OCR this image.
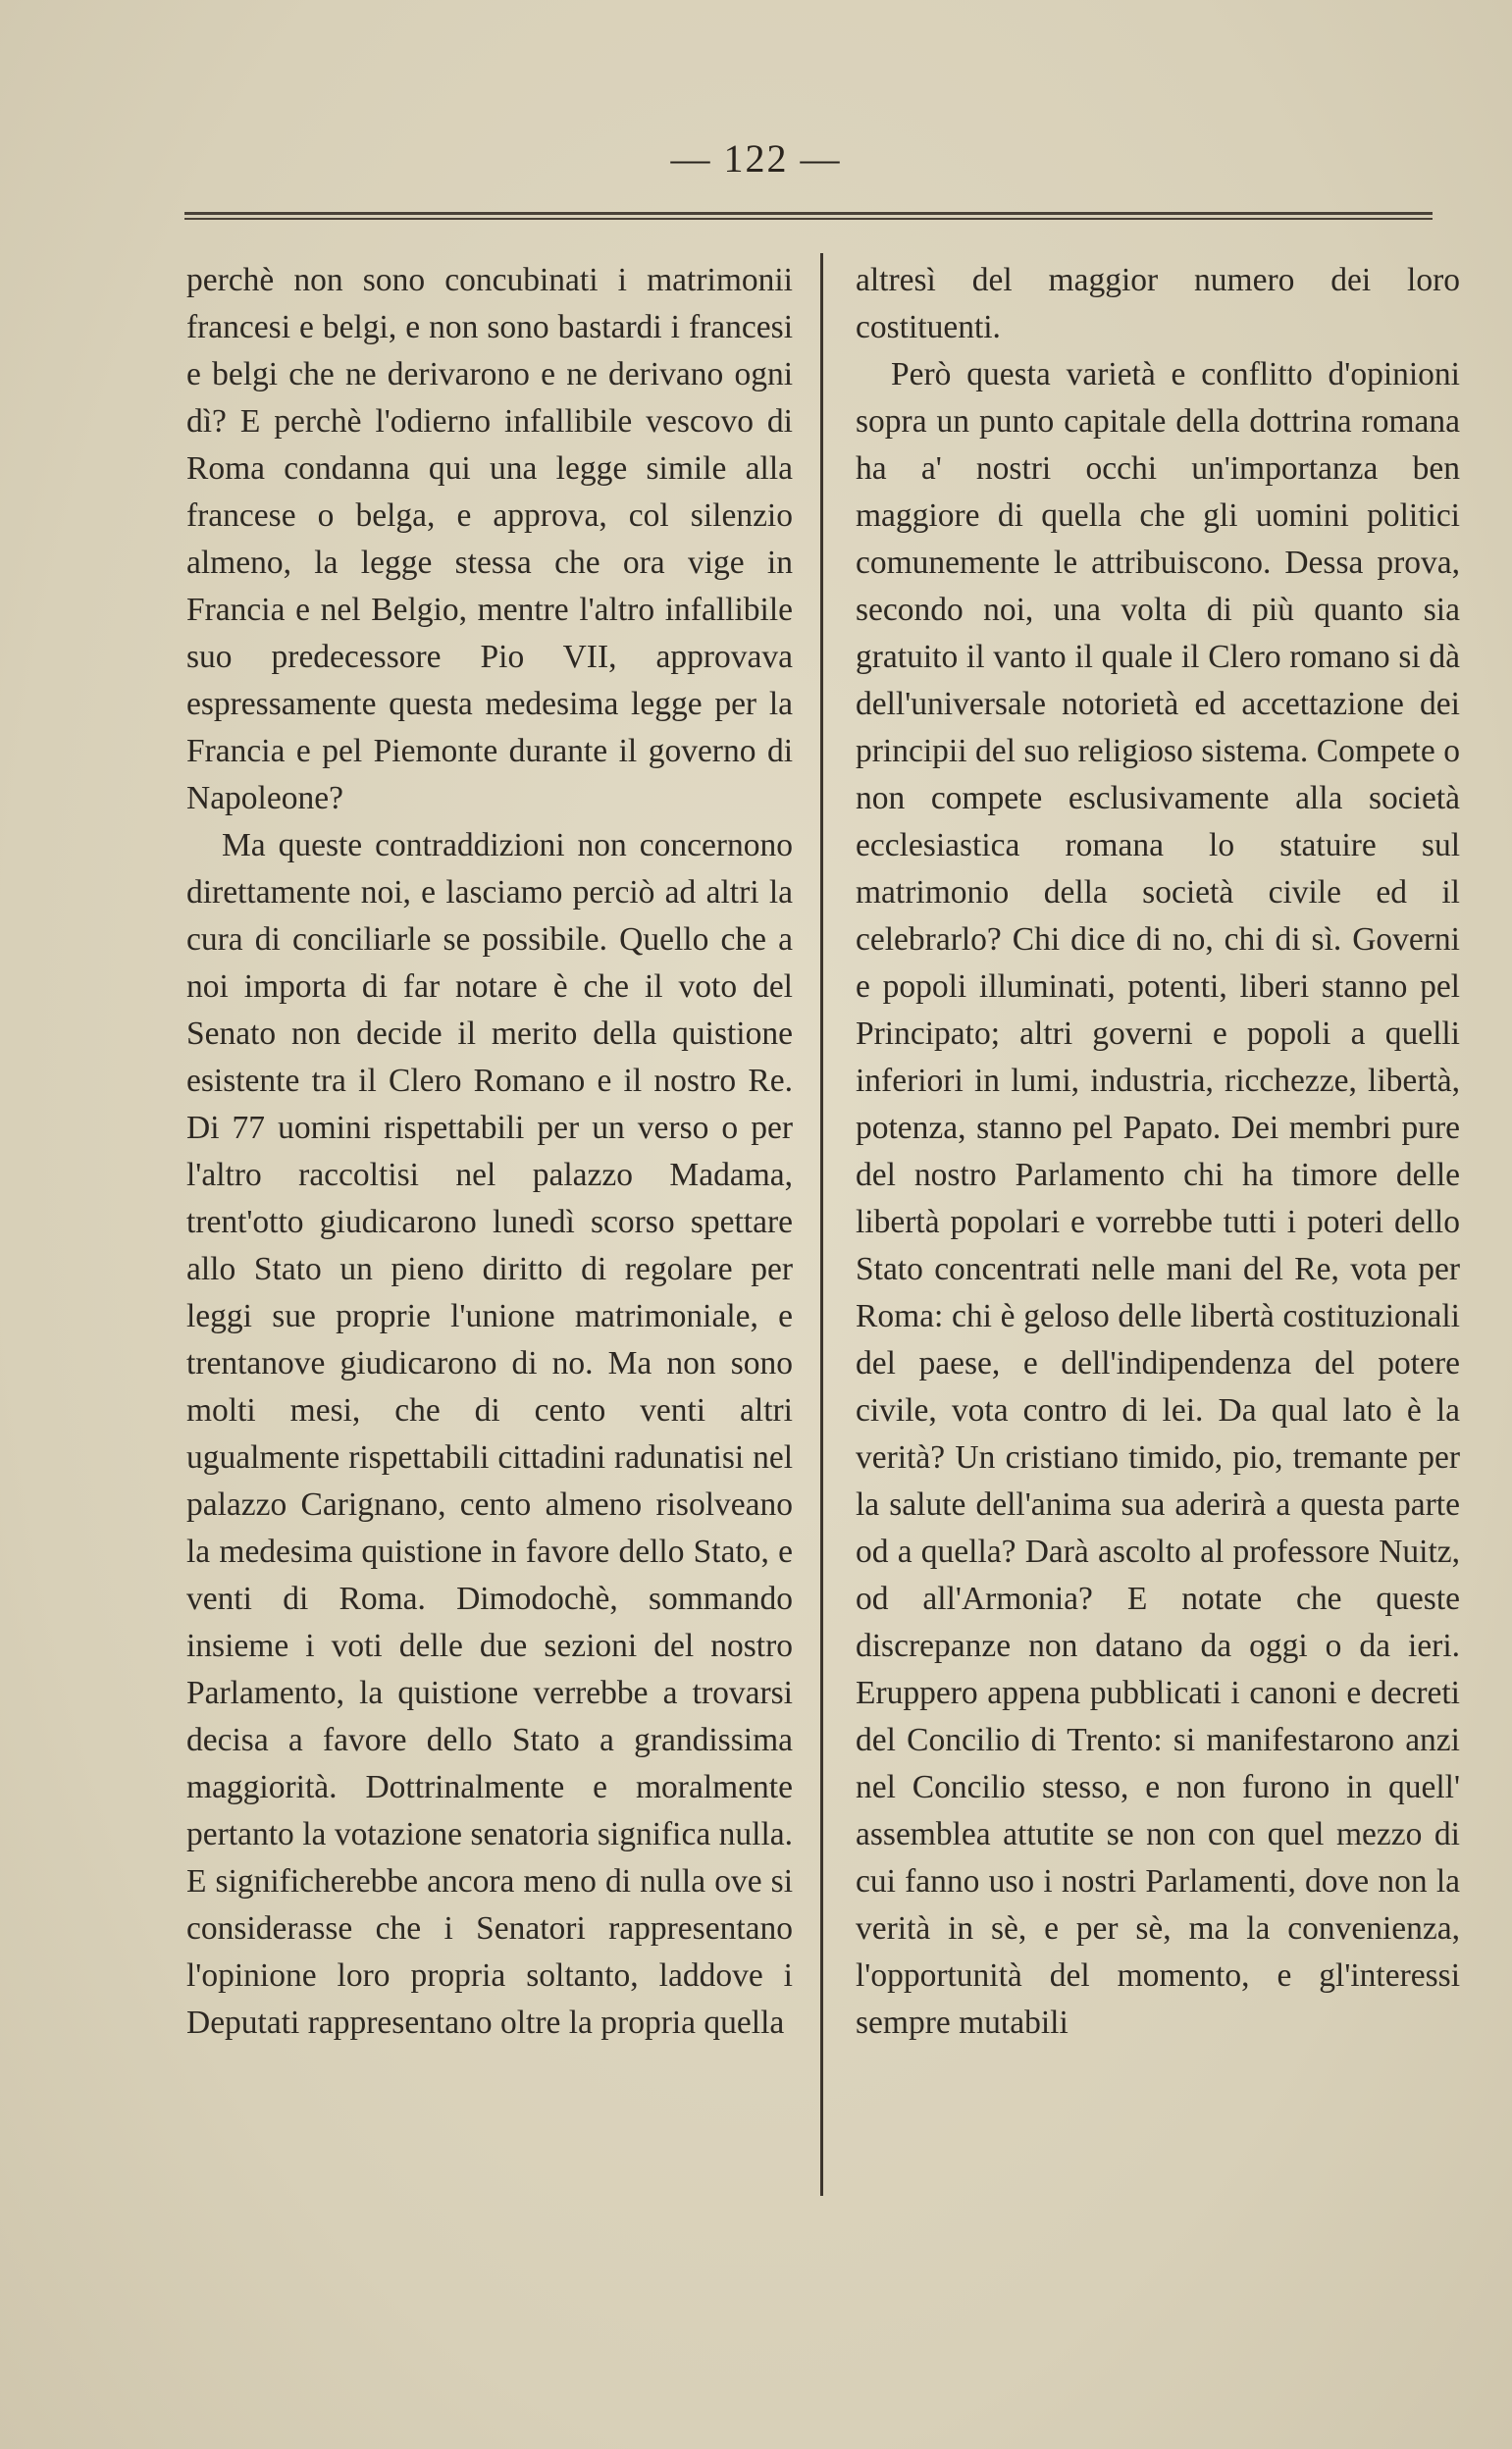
— 122 —

perchè non sono concubinati i matrimonii francesi e belgi, e non sono bastardi i francesi e belgi che ne derivarono e ne derivano ogni dì? E perchè l'odierno infallibile vescovo di Roma condanna qui una legge simile alla francese o belga, e approva, col silenzio almeno, la legge stessa che ora vige in Francia e nel Belgio, mentre l'altro infallibile suo predecessore Pio VII, approvava espressamente questa medesima legge per la Francia e pel Piemonte durante il governo di Napoleone?

Ma queste contraddizioni non concernono direttamente noi, e lasciamo perciò ad altri la cura di conciliarle se possibile. Quello che a noi importa di far notare è che il voto del Senato non decide il merito della quistione esistente tra il Clero Romano e il nostro Re. Di 77 uomini rispettabili per un verso o per l'altro raccoltisi nel palazzo Madama, trent'otto giudicarono lunedì scorso spettare allo Stato un pieno diritto di regolare per leggi sue proprie l'unione matrimoniale, e trentanove giudicarono di no. Ma non sono molti mesi, che di cento venti altri ugualmente rispettabili cittadini radunatisi nel palazzo Carignano, cento almeno risolveano la medesima quistione in favore dello Stato, e venti di Roma. Dimodochè, sommando insieme i voti delle due sezioni del nostro Parlamento, la quistione verrebbe a trovarsi decisa a favore dello Stato a grandissima maggiorità. Dottrinalmente e moralmente pertanto la votazione senatoria significa nulla. E significherebbe ancora meno di nulla ove si considerasse che i Senatori rappresentano l'opinione loro propria soltanto, laddove i Deputati rappresentano oltre la propria quella

altresì del maggior numero dei loro costituenti.

Però questa varietà e conflitto d'opinioni sopra un punto capitale della dottrina romana ha a' nostri occhi un'importanza ben maggiore di quella che gli uomini politici comunemente le attribuiscono. Dessa prova, secondo noi, una volta di più quanto sia gratuito il vanto il quale il Clero romano si dà dell'universale notorietà ed accettazione dei principii del suo religioso sistema. Compete o non compete esclusivamente alla società ecclesiastica romana lo statuire sul matrimonio della società civile ed il celebrarlo? Chi dice di no, chi di sì. Governi e popoli illuminati, potenti, liberi stanno pel Principato; altri governi e popoli a quelli inferiori in lumi, industria, ricchezze, libertà, potenza, stanno pel Papato. Dei membri pure del nostro Parlamento chi ha timore delle libertà popolari e vorrebbe tutti i poteri dello Stato concentrati nelle mani del Re, vota per Roma: chi è geloso delle libertà costituzionali del paese, e dell'indipendenza del potere civile, vota contro di lei. Da qual lato è la verità? Un cristiano timido, pio, tremante per la salute dell'anima sua aderirà a questa parte od a quella? Darà ascolto al professore Nuitz, od all'Armonia? E notate che queste discrepanze non datano da oggi o da ieri. Eruppero appena pubblicati i canoni e decreti del Concilio di Trento: si manifestarono anzi nel Concilio stesso, e non furono in quell' assemblea attutite se non con quel mezzo di cui fanno uso i nostri Parlamenti, dove non la verità in sè, e per sè, ma la convenienza, l'opportunità del momento, e gl'interessi sempre mutabili
